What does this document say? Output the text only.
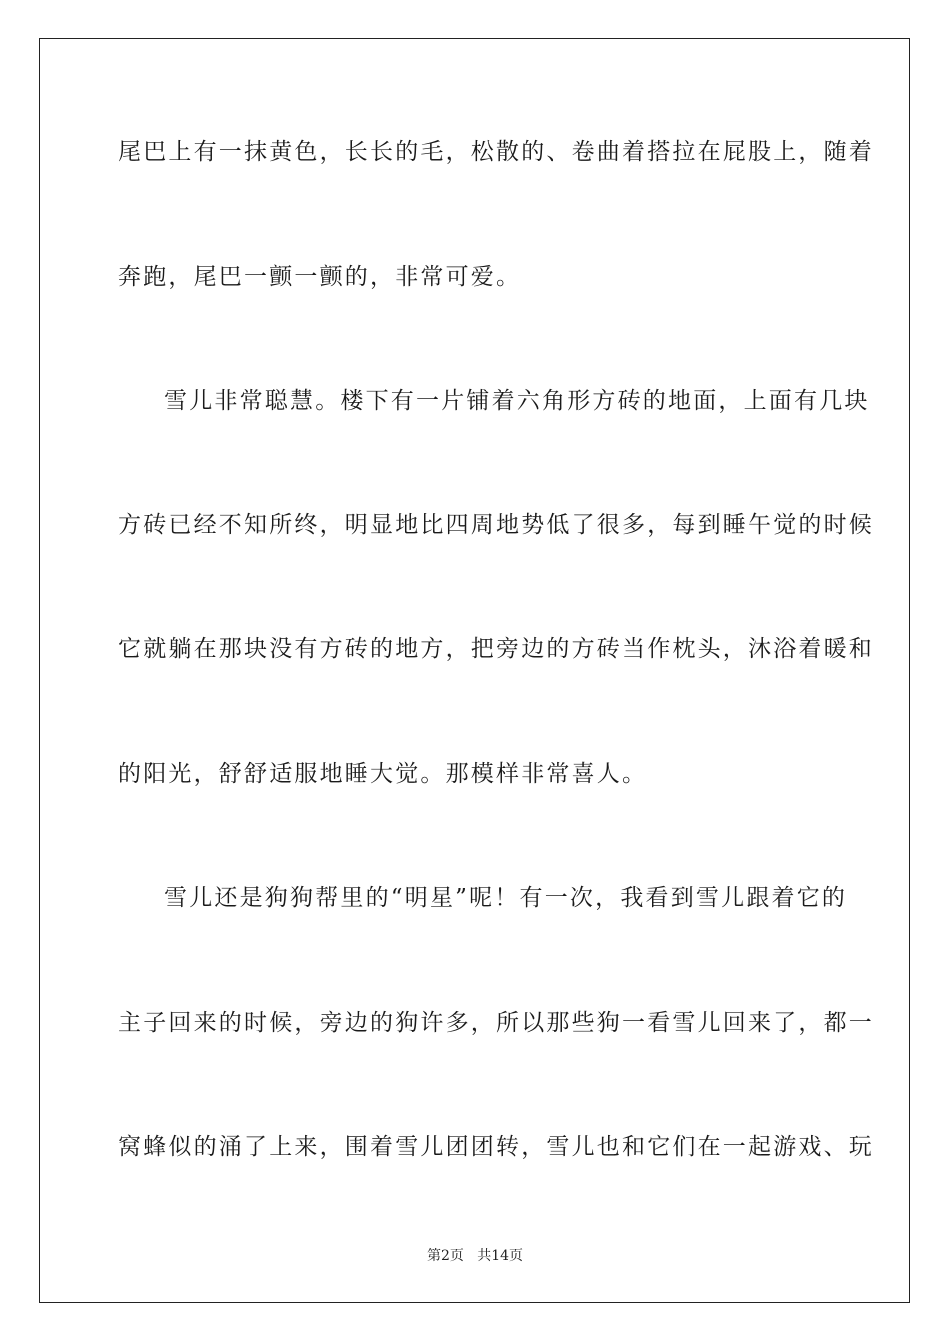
尾巴上有一抹黄色，长长的毛，松散的、卷曲着搭拉在屁股上，随着
奔跑，尾巴一颤一颤的，非常可爱。
雪儿非常聪慧。楼下有一片铺着六角形方砖的地面，上面有几块
方砖已经不知所终，明显地比四周地势低了很多，每到睡午觉的时候
它就躺在那块没有方砖的地方，把旁边的方砖当作枕头，沐浴着暖和
的阳光，舒舒适服地睡大觉。那模样非常喜人。
雪儿还是狗狗帮里的“明星”呢！有一次，我看到雪儿跟着它的
主子回来的时候，旁边的狗许多，所以那些狗一看雪儿回来了，都一
窝蜂似的涌了上来，围着雪儿团团转，雪儿也和它们在一起游戏、玩
第2页   共14页
